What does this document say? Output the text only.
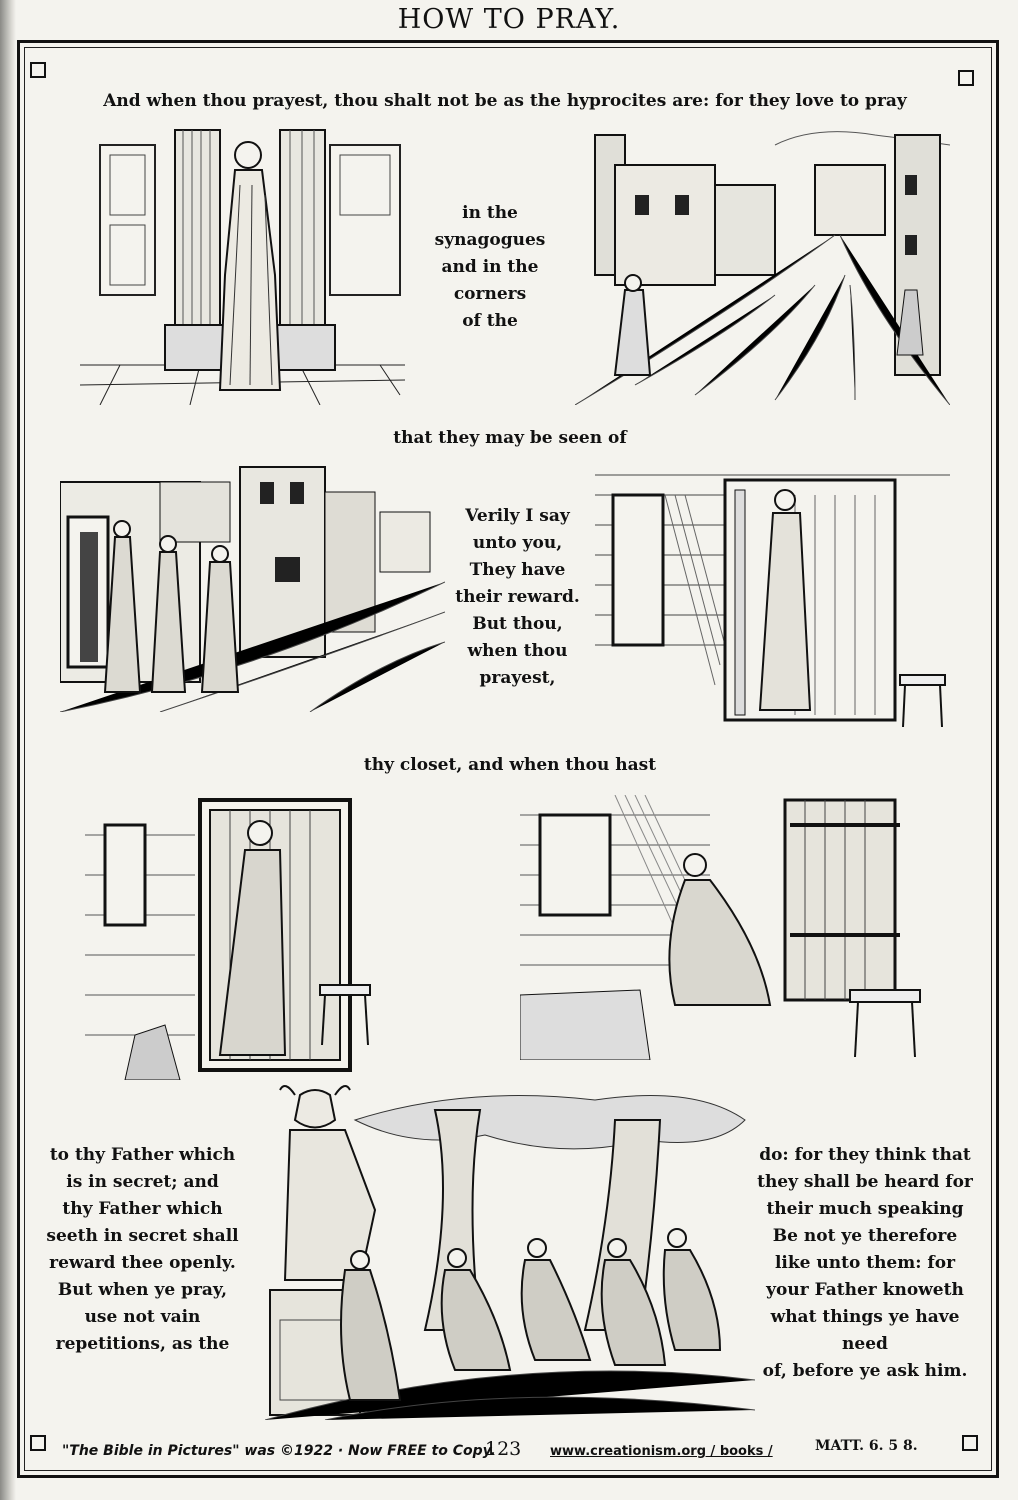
HOW TO PRAY.
And when thou prayest, thou shalt not be as the hyprocites are: for they love to pray
in the
synagogues
and in the
corners
of the
that they may be seen of
Verily I say
unto you,
They have
their reward.
But thou,
when thou
prayest,
thy closet, and when thou hast
to thy Father which
is in secret; and
thy Father which
seeth in secret shall
reward thee openly.
But when ye pray,
use not vain
repetitions, as the
do: for they think that
they shall be heard for
their much speaking
Be not ye therefore
like unto them: for
your Father knoweth
what things ye have need
of, before ye ask him.
"The Bible in Pictures" was ©1922 · Now FREE to Copy.
123 www.creationism.org / books /	MATT. 6. 5 8.
